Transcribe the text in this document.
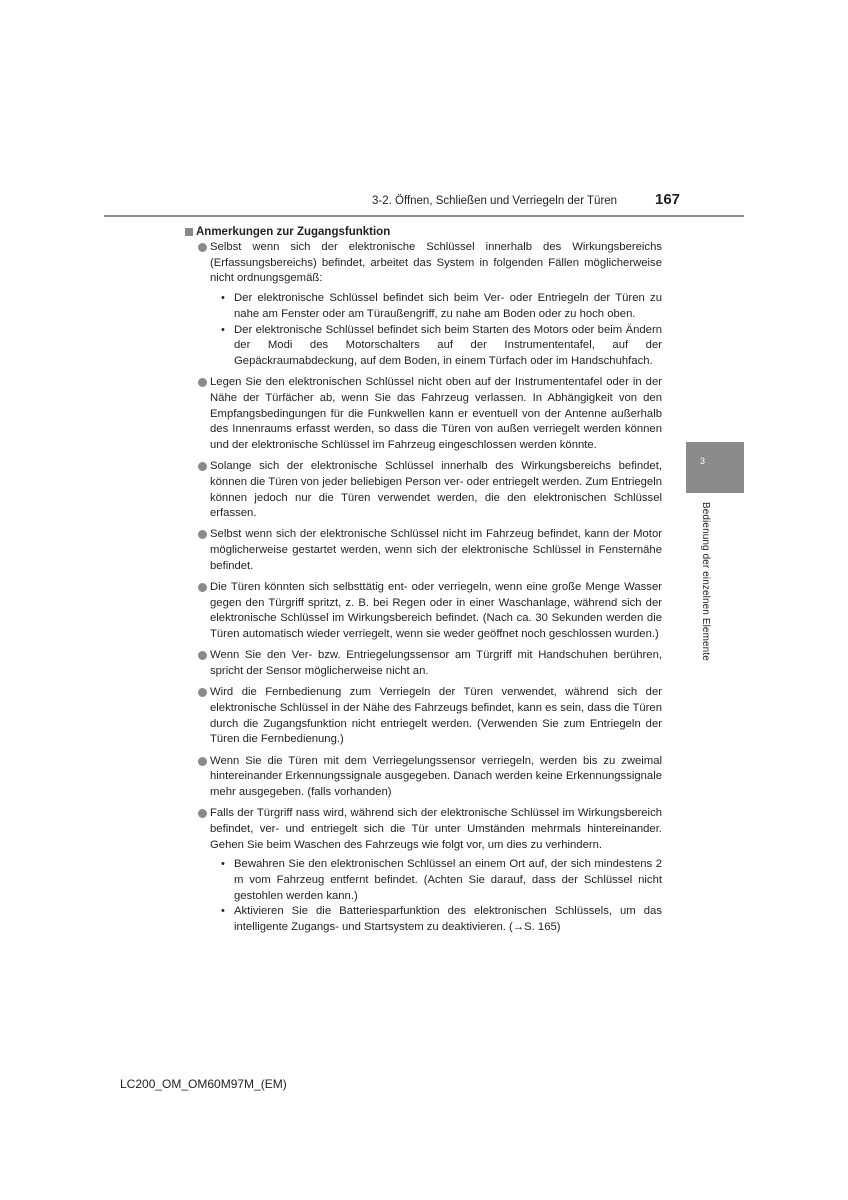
3-2. Öffnen, Schließen und Verriegeln der Türen	167
3
Bedienung der einzelnen Elemente
Anmerkungen zur Zugangsfunktion
Selbst wenn sich der elektronische Schlüssel innerhalb des Wirkungsbereichs (Erfassungsbereichs) befindet, arbeitet das System in folgenden Fällen möglicherweise nicht ordnungsgemäß:
• Der elektronische Schlüssel befindet sich beim Ver- oder Entriegeln der Türen zu nahe am Fenster oder am Türaußengriff, zu nahe am Boden oder zu hoch oben.
• Der elektronische Schlüssel befindet sich beim Starten des Motors oder beim Ändern der Modi des Motorschalters auf der Instrumententafel, auf der Gepäckraumabdeckung, auf dem Boden, in einem Türfach oder im Handschuhfach.
Legen Sie den elektronischen Schlüssel nicht oben auf der Instrumententafel oder in der Nähe der Türfächer ab, wenn Sie das Fahrzeug verlassen. In Abhängigkeit von den Empfangsbedingungen für die Funkwellen kann er eventuell von der Antenne außerhalb des Innenraums erfasst werden, so dass die Türen von außen verriegelt werden können und der elektronische Schlüssel im Fahrzeug eingeschlossen werden könnte.
Solange sich der elektronische Schlüssel innerhalb des Wirkungsbereichs befindet, können die Türen von jeder beliebigen Person ver- oder entriegelt werden. Zum Entriegeln können jedoch nur die Türen verwendet werden, die den elektronischen Schlüssel erfassen.
Selbst wenn sich der elektronische Schlüssel nicht im Fahrzeug befindet, kann der Motor möglicherweise gestartet werden, wenn sich der elektronische Schlüssel in Fensternähe befindet.
Die Türen könnten sich selbsttätig ent- oder verriegeln, wenn eine große Menge Wasser gegen den Türgriff spritzt, z. B. bei Regen oder in einer Waschanlage, während sich der elektronische Schlüssel im Wirkungsbereich befindet. (Nach ca. 30 Sekunden werden die Türen automatisch wieder verriegelt, wenn sie weder geöffnet noch geschlossen wurden.)
Wenn Sie den Ver- bzw. Entriegelungssensor am Türgriff mit Handschuhen berühren, spricht der Sensor möglicherweise nicht an.
Wird die Fernbedienung zum Verriegeln der Türen verwendet, während sich der elektronische Schlüssel in der Nähe des Fahrzeugs befindet, kann es sein, dass die Türen durch die Zugangsfunktion nicht entriegelt werden. (Verwenden Sie zum Entriegeln der Türen die Fernbedienung.)
Wenn Sie die Türen mit dem Verriegelungssensor verriegeln, werden bis zu zweimal hintereinander Erkennungssignale ausgegeben. Danach werden keine Erkennungssignale mehr ausgegeben. (falls vorhanden)
Falls der Türgriff nass wird, während sich der elektronische Schlüssel im Wirkungsbereich befindet, ver- und entriegelt sich die Tür unter Umständen mehrmals hintereinander. Gehen Sie beim Waschen des Fahrzeugs wie folgt vor, um dies zu verhindern.
• Bewahren Sie den elektronischen Schlüssel an einem Ort auf, der sich mindestens 2 m vom Fahrzeug entfernt befindet. (Achten Sie darauf, dass der Schlüssel nicht gestohlen werden kann.)
• Aktivieren Sie die Batteriesparfunktion des elektronischen Schlüssels, um das intelligente Zugangs- und Startsystem zu deaktivieren. (→S. 165)
LC200_OM_OM60M97M_(EM)
